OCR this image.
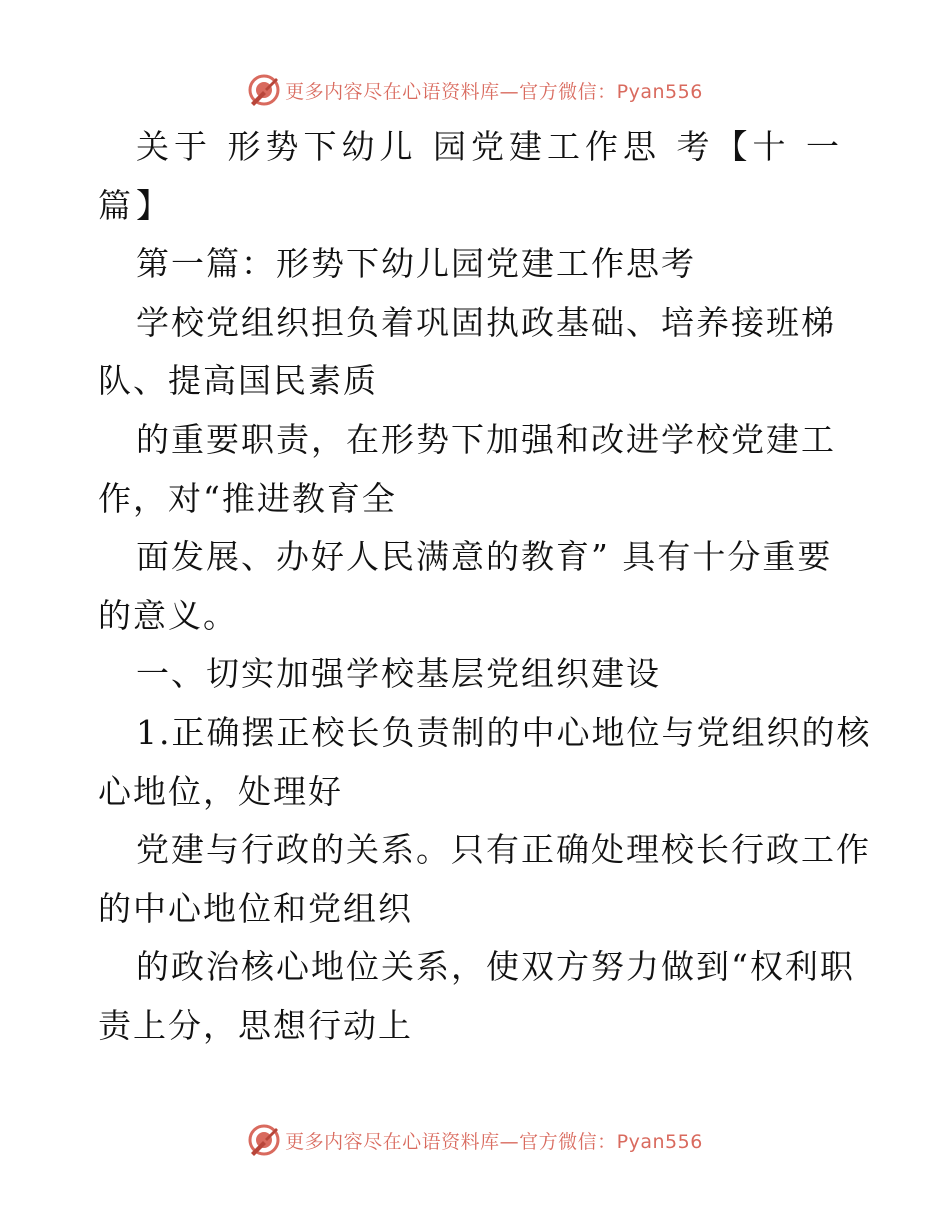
更多内容尽在心语资料库—官方微信：Pyan556
关于 形势下幼儿 园党建工作思 考【十 一
篇】
第一篇：形势下幼儿园党建工作思考
学校党组织担负着巩固执政基础、培养接班梯
队、提高国民素质
的重要职责，在形势下加强和改进学校党建工
作，对“推进教育全
面发展、办好人民满意的教育” 具有十分重要
的意义。
一、切实加强学校基层党组织建设
1.正确摆正校长负责制的中心地位与党组织的核
心地位，处理好
党建与行政的关系。只有正确处理校长行政工作
的中心地位和党组织
的政治核心地位关系，使双方努力做到“权利职
责上分，思想行动上
更多内容尽在心语资料库—官方微信：Pyan556
